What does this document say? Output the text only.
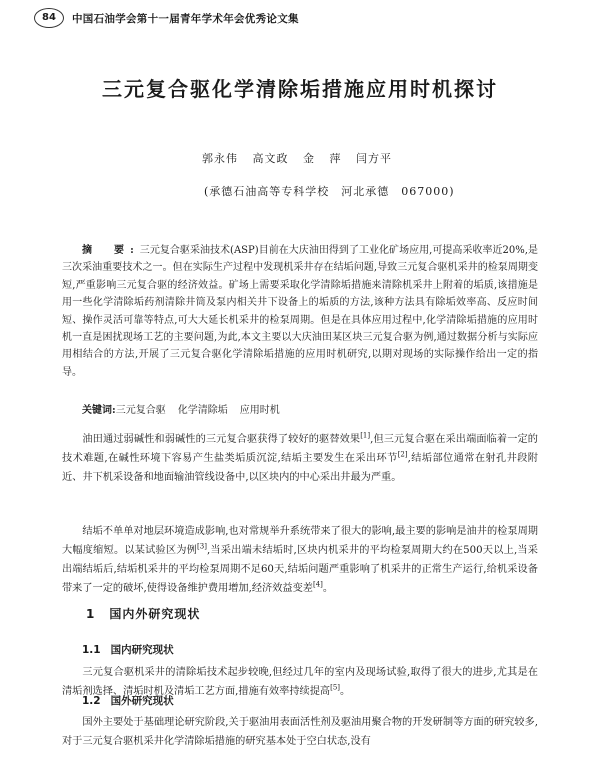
84	中国石油学会第十一届青年学术年会优秀论文集
三元复合驱化学清除垢措施应用时机探讨
郭永伟 高文政 金 萍 闫方平
(承德石油高等专科学校　河北承德　067000)
摘　要:三元复合驱采油技术(ASP)目前在大庆油田得到了工业化矿场应用,可提高采收率近20%,是三次采油重要技术之一。但在实际生产过程中发现机采井存在结垢问题,导致三元复合驱机采井的检泵周期变短,严重影响三元复合驱的经济效益。矿场上需要采取化学清除垢措施来清除机采井上附着的垢质,该措施是用一些化学清除垢药剂清除井筒及泵内相关井下设备上的垢质的方法,该种方法具有除垢效率高、反应时间短、操作灵活可靠等特点,可大大延长机采井的检泵周期。但是在具体应用过程中,化学清除垢措施的应用时机一直是困扰现场工艺的主要问题,为此,本文主要以大庆油田某区块三元复合驱为例,通过数据分析与实际应用相结合的方法,开展了三元复合驱化学清除垢措施的应用时机研究,以期对现场的实际操作给出一定的指导。
关键词:三元复合驱 化学清除垢 应用时机
油田通过弱碱性和弱碱性的三元复合驱获得了较好的驱替效果[1],但三元复合驱在采出端面临着一定的技术难题,在碱性环境下容易产生盐类垢质沉淀,结垢主要发生在采出环节[2],结垢部位通常在射孔井段附近、井下机采设备和地面输油管线设备中,以区块内的中心采出井最为严重。
结垢不单单对地层环境造成影响,也对常规举升系统带来了很大的影响,最主要的影响是油井的检泵周期大幅度缩短。以某试验区为例[3],当采出端未结垢时,区块内机采井的平均检泵周期大约在500天以上,当采出端结垢后,结垢机采井的平均检泵周期不足60天,结垢问题严重影响了机采井的正常生产运行,给机采设备带来了一定的破坏,使得设备维护费用增加,经济效益变差[4]。
1 国内外研究现状
1.1 国内研究现状
三元复合驱机采井的清除垢技术起步较晚,但经过几年的室内及现场试验,取得了很大的进步,尤其是在清垢剂选择、清垢时机及清垢工艺方面,措施有效率持续提高[5]。
1.2 国外研究现状
国外主要处于基础理论研究阶段,关于驱油用表面活性剂及驱油用聚合物的开发研制等方面的研究较多,对于三元复合驱机采井化学清除垢措施的研究基本处于空白状态,没有
